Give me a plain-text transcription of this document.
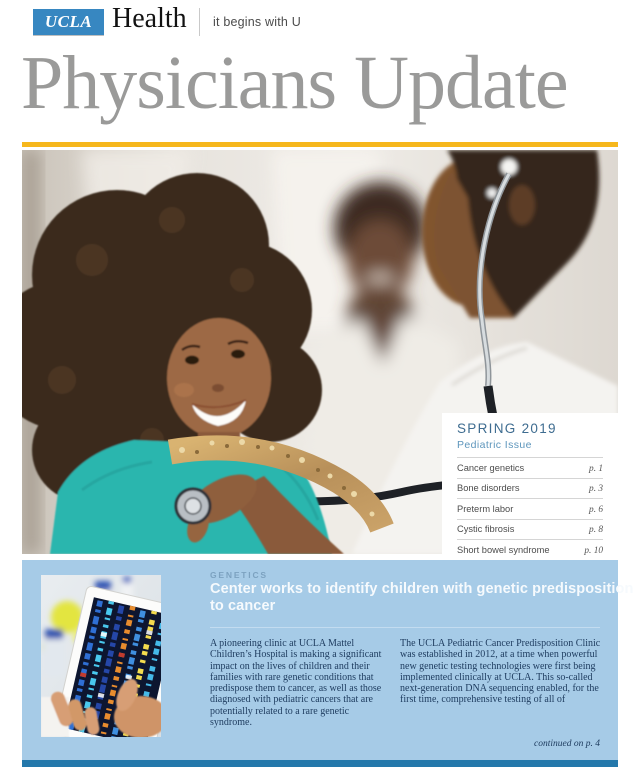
UCLA Health it begins with U
Physicians Update
SPRING 2019
Pediatric Issue
Cancer genetics	p. 1
Bone disorders	p. 3
Preterm labor	p. 6
Cystic fibrosis	p. 8
Short bowel syndrome	p. 10
GENETICS
Center works to identify children with genetic predisposition to cancer
A pioneering clinic at UCLA Mattel Children’s Hospital is making a significant impact on the lives of children and their families with rare genetic conditions that predispose them to cancer, as well as those diagnosed with pediatric cancers that are potentially related to a rare genetic syndrome.
The UCLA Pediatric Cancer Predisposition Clinic was established in 2012, at a time when powerful new genetic testing technologies were first being implemented clinically at UCLA. This so-called next-generation DNA sequencing enabled, for the first time, comprehensive testing of all of
continued on p. 4
